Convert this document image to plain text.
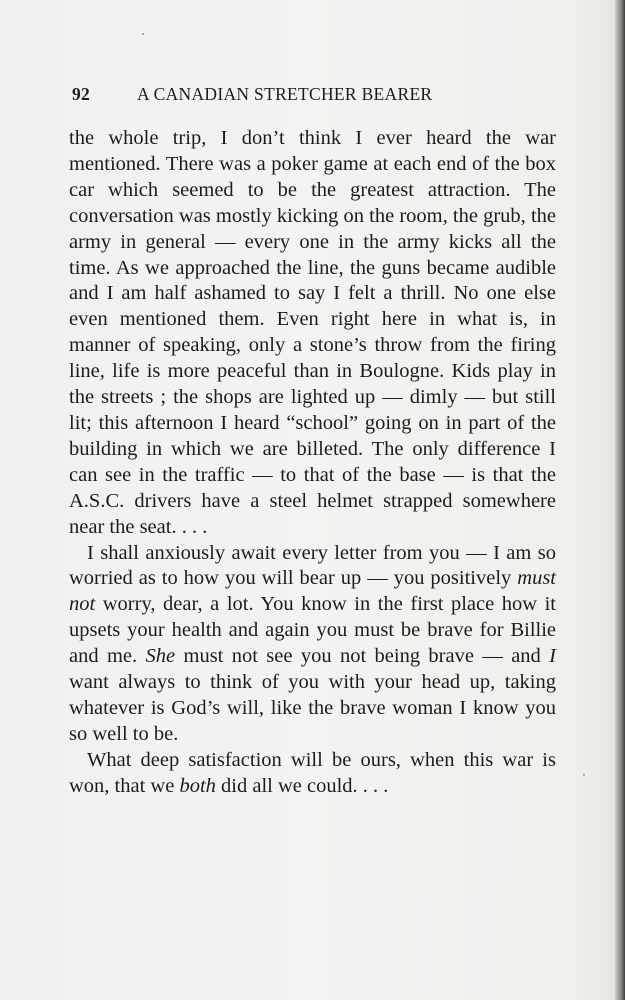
92	A CANADIAN STRETCHER BEARER

the whole trip, I don’t think I ever heard the war mentioned. There was a poker game at each end of the box car which seemed to be the greatest attraction. The conversation was mostly kicking on the room, the grub, the army in general — every one in the army kicks all the time. As we approached the line, the guns became audible and I am half ashamed to say I felt a thrill. No one else even mentioned them. Even right here in what is, in manner of speaking, only a stone’s throw from the firing line, life is more peaceful than in Boulogne. Kids play in the streets ; the shops are lighted up — dimly — but still lit; this afternoon I heard “school” going on in part of the building in which we are billeted. The only difference I can see in the traffic — to that of the base — is that the A.S.C. drivers have a steel helmet strapped somewhere near the seat. . . .

I shall anxiously await every letter from you — I am so worried as to how you will bear up — you positively must not worry, dear, a lot. You know in the first place how it upsets your health and again you must be brave for Billie and me. She must not see you not being brave — and I want always to think of you with your head up, taking whatever is God’s will, like the brave woman I know you so well to be.

What deep satisfaction will be ours, when this war is won, that we both did all we could. . . .
